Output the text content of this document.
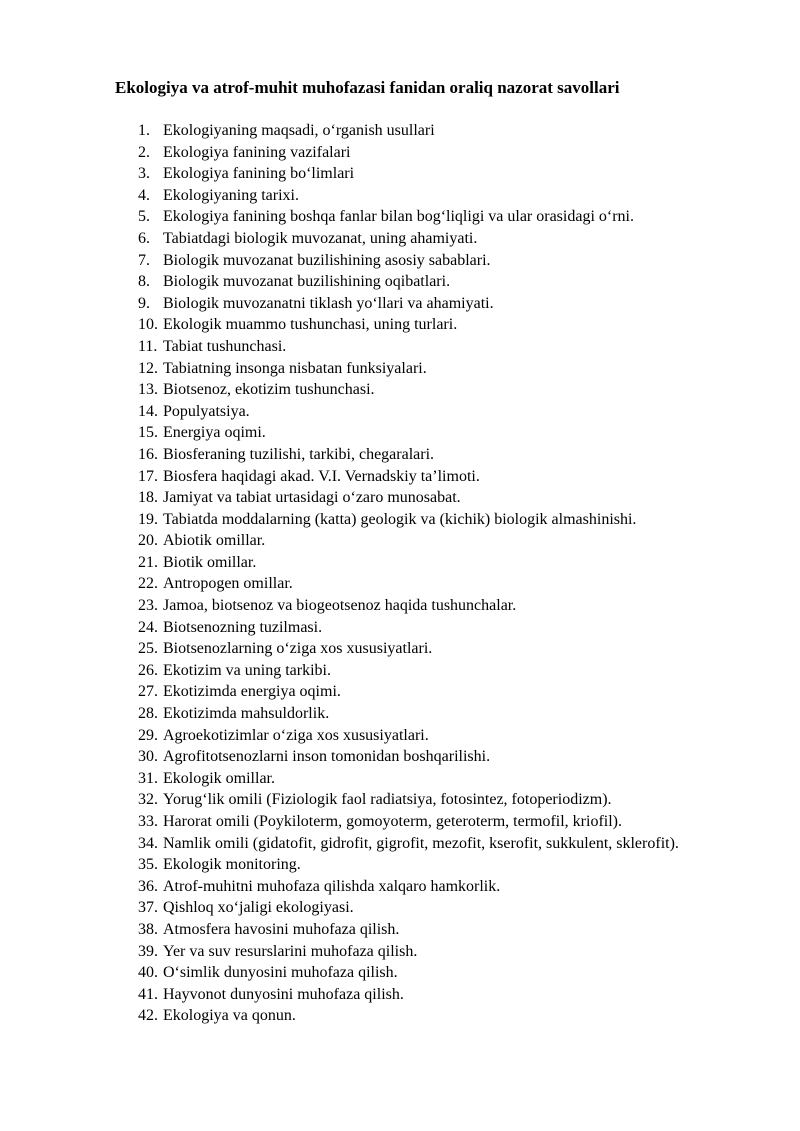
Ekologiya va atrof-muhit muhofazasi fanidan oraliq nazorat savollari
1. Ekologiyaning maqsadi, o‘rganish usullari
2. Ekologiya fanining vazifalari
3. Ekologiya fanining bo‘limlari
4. Ekologiyaning tarixi.
5. Ekologiya fanining boshqa fanlar bilan bog‘liqligi va ular orasidagi o‘rni.
6. Tabiatdagi biologik muvozanat, uning ahamiyati.
7. Biologik muvozanat buzilishining asosiy sabablari.
8. Biologik muvozanat buzilishining oqibatlari.
9. Biologik muvozanatni tiklash yo‘llari va ahamiyati.
10. Ekologik muammo tushunchasi, uning turlari.
11. Tabiat tushunchasi.
12. Tabiatning insonga nisbatan funksiyalari.
13. Biotsenoz, ekotizim tushunchasi.
14. Populyatsiya.
15. Energiya oqimi.
16. Biosferaning tuzilishi, tarkibi, chegaralari.
17. Biosfera haqidagi akad. V.I. Vernadskiy ta’limoti.
18. Jamiyat va tabiat urtasidagi o‘zaro munosabat.
19. Tabiatda moddalarning (katta) geologik va (kichik) biologik almashinishi.
20. Abiotik omillar.
21. Biotik omillar.
22. Antropogen omillar.
23. Jamoa, biotsenoz va biogeotsenoz haqida tushunchalar.
24. Biotsenozning tuzilmasi.
25. Biotsenozlarning o‘ziga xos xususiyatlari.
26. Ekotizim va uning tarkibi.
27. Ekotizimda energiya oqimi.
28. Ekotizimda mahsuldorlik.
29. Agroekotizimlar o‘ziga xos xususiyatlari.
30. Agrofitotsenozlarni inson tomonidan boshqarilishi.
31. Ekologik omillar.
32. Yorug‘lik omili (Fiziologik faol radiatsiya, fotosintez, fotoperiodizm).
33. Harorat omili (Poykiloterm, gomoyoterm, geteroterm, termofil, kriofil).
34. Namlik omili (gidatofit, gidrofit, gigrofit, mezofit, kserofit, sukkulent, sklerofit).
35. Ekologik monitoring.
36. Atrof-muhitni muhofaza qilishda xalqaro hamkorlik.
37. Qishloq xo‘jaligi ekologiyasi.
38. Atmosfera havosini muhofaza qilish.
39. Yer va suv resurslarini muhofaza qilish.
40. O‘simlik dunyosini muhofaza qilish.
41. Hayvonot dunyosini muhofaza qilish.
42. Ekologiya va qonun.
